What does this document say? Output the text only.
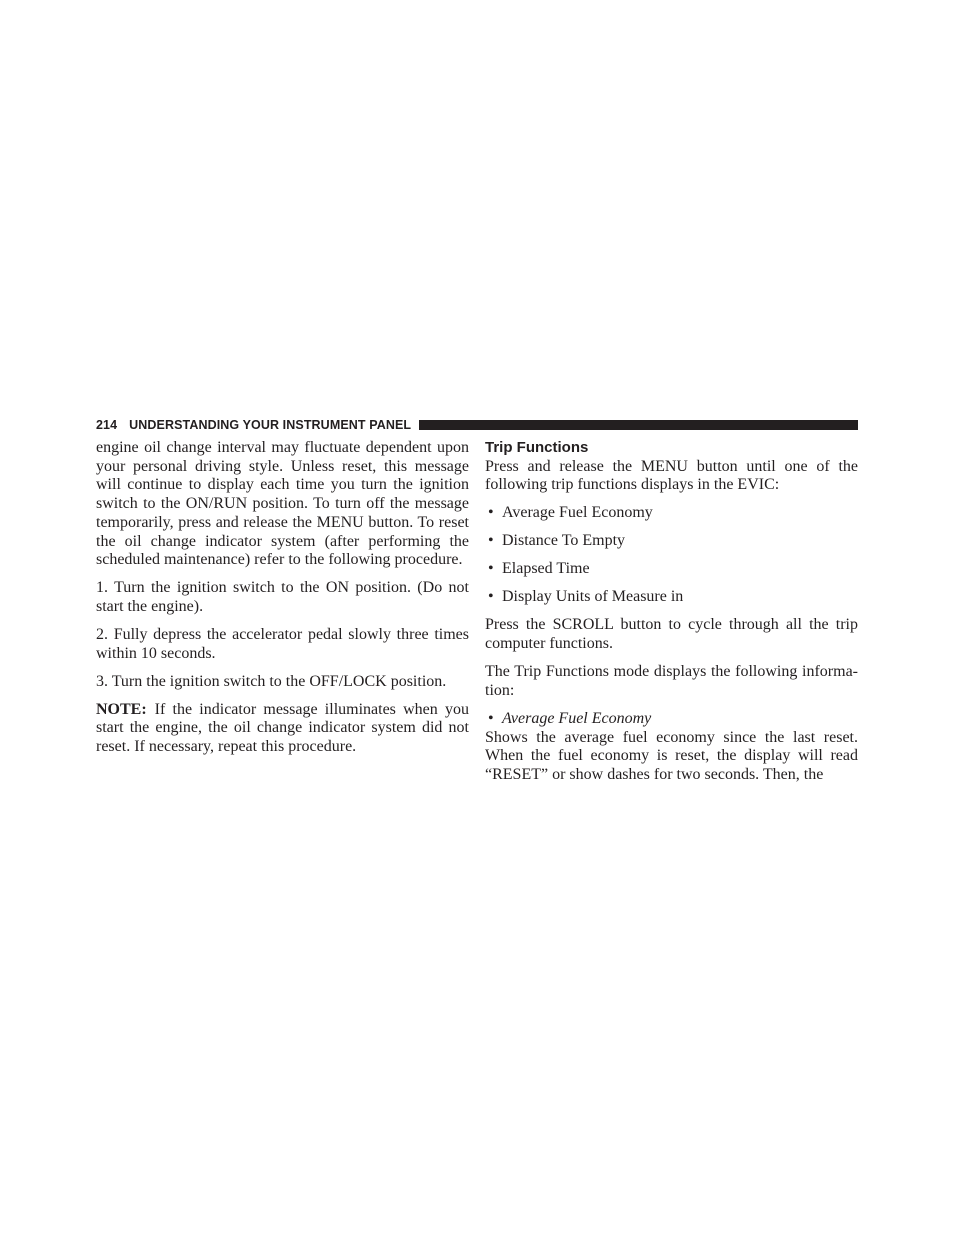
214 UNDERSTANDING YOUR INSTRUMENT PANEL

engine oil change interval may fluctuate dependent upon your personal driving style. Unless reset, this message will continue to display each time you turn the ignition switch to the ON/RUN position. To turn off the message temporarily, press and release the MENU button. To reset the oil change indicator system (after performing the scheduled maintenance) refer to the following procedure.

1. Turn the ignition switch to the ON position. (Do not start the engine).

2. Fully depress the accelerator pedal slowly three times within 10 seconds.

3. Turn the ignition switch to the OFF/LOCK position.

NOTE: If the indicator message illuminates when you start the engine, the oil change indicator system did not reset. If necessary, repeat this procedure.

Trip Functions

Press and release the MENU button until one of the following trip functions displays in the EVIC:

• Average Fuel Economy
• Distance To Empty
• Elapsed Time
• Display Units of Measure in

Press the SCROLL button to cycle through all the trip computer functions.

The Trip Functions mode displays the following informa-tion:

• Average Fuel Economy

Shows the average fuel economy since the last reset. When the fuel economy is reset, the display will read “RESET” or show dashes for two seconds. Then, the
